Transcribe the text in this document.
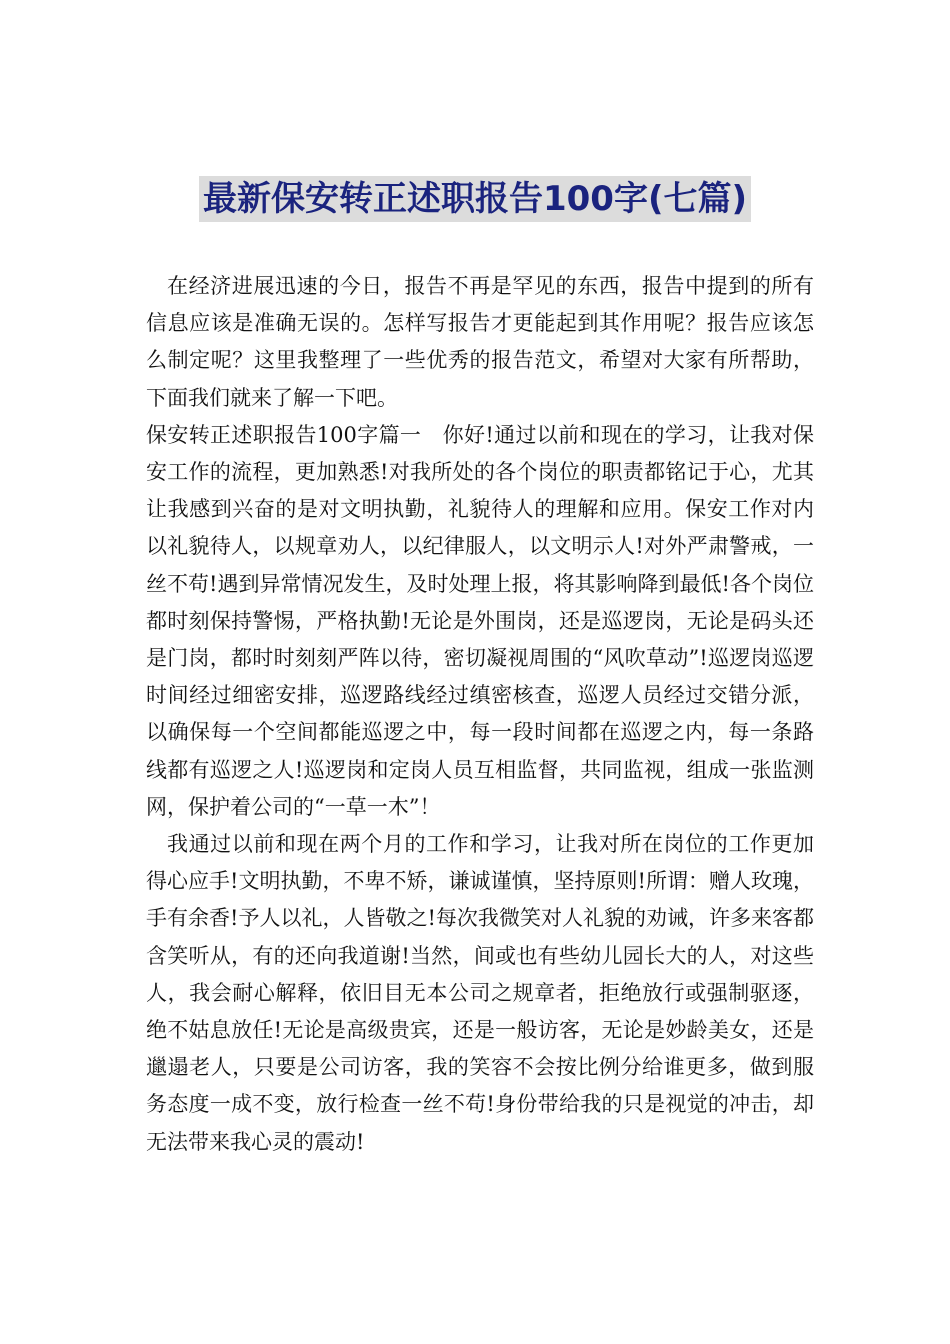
最新保安转正述职报告100字(七篇)

在经济进展迅速的今日，报告不再是罕见的东西，报告中提到的所有信息应该是准确无误的。怎样写报告才更能起到其作用呢？报告应该怎么制定呢？这里我整理了一些优秀的报告范文，希望对大家有所帮助，下面我们就来了解一下吧。

保安转正述职报告100字篇一　你好!通过以前和现在的学习，让我对保安工作的流程，更加熟悉!对我所处的各个岗位的职责都铭记于心，尤其让我感到兴奋的是对文明执勤，礼貌待人的理解和应用。保安工作对内以礼貌待人，以规章劝人，以纪律服人，以文明示人!对外严肃警戒，一丝不苟!遇到异常情况发生，及时处理上报，将其影响降到最低!各个岗位都时刻保持警惕，严格执勤!无论是外围岗，还是巡逻岗，无论是码头还是门岗，都时时刻刻严阵以待，密切凝视周围的“风吹草动”!巡逻岗巡逻时间经过细密安排，巡逻路线经过缜密核查，巡逻人员经过交错分派，以确保每一个空间都能巡逻之中，每一段时间都在巡逻之内，每一条路线都有巡逻之人!巡逻岗和定岗人员互相监督，共同监视，组成一张监测网，保护着公司的“一草一木”！

我通过以前和现在两个月的工作和学习，让我对所在岗位的工作更加得心应手!文明执勤，不卑不矫，谦诚谨慎，坚持原则!所谓：赠人玫瑰，手有余香!予人以礼，人皆敬之!每次我微笑对人礼貌的劝诫，许多来客都含笑听从，有的还向我道谢!当然，间或也有些幼儿园长大的人，对这些人，我会耐心解释，依旧目无本公司之规章者，拒绝放行或强制驱逐，绝不姑息放任!无论是高级贵宾，还是一般访客，无论是妙龄美女，还是邋遢老人，只要是公司访客，我的笑容不会按比例分给谁更多，做到服务态度一成不变，放行检查一丝不苟!身份带给我的只是视觉的冲击，却无法带来我心灵的震动!
